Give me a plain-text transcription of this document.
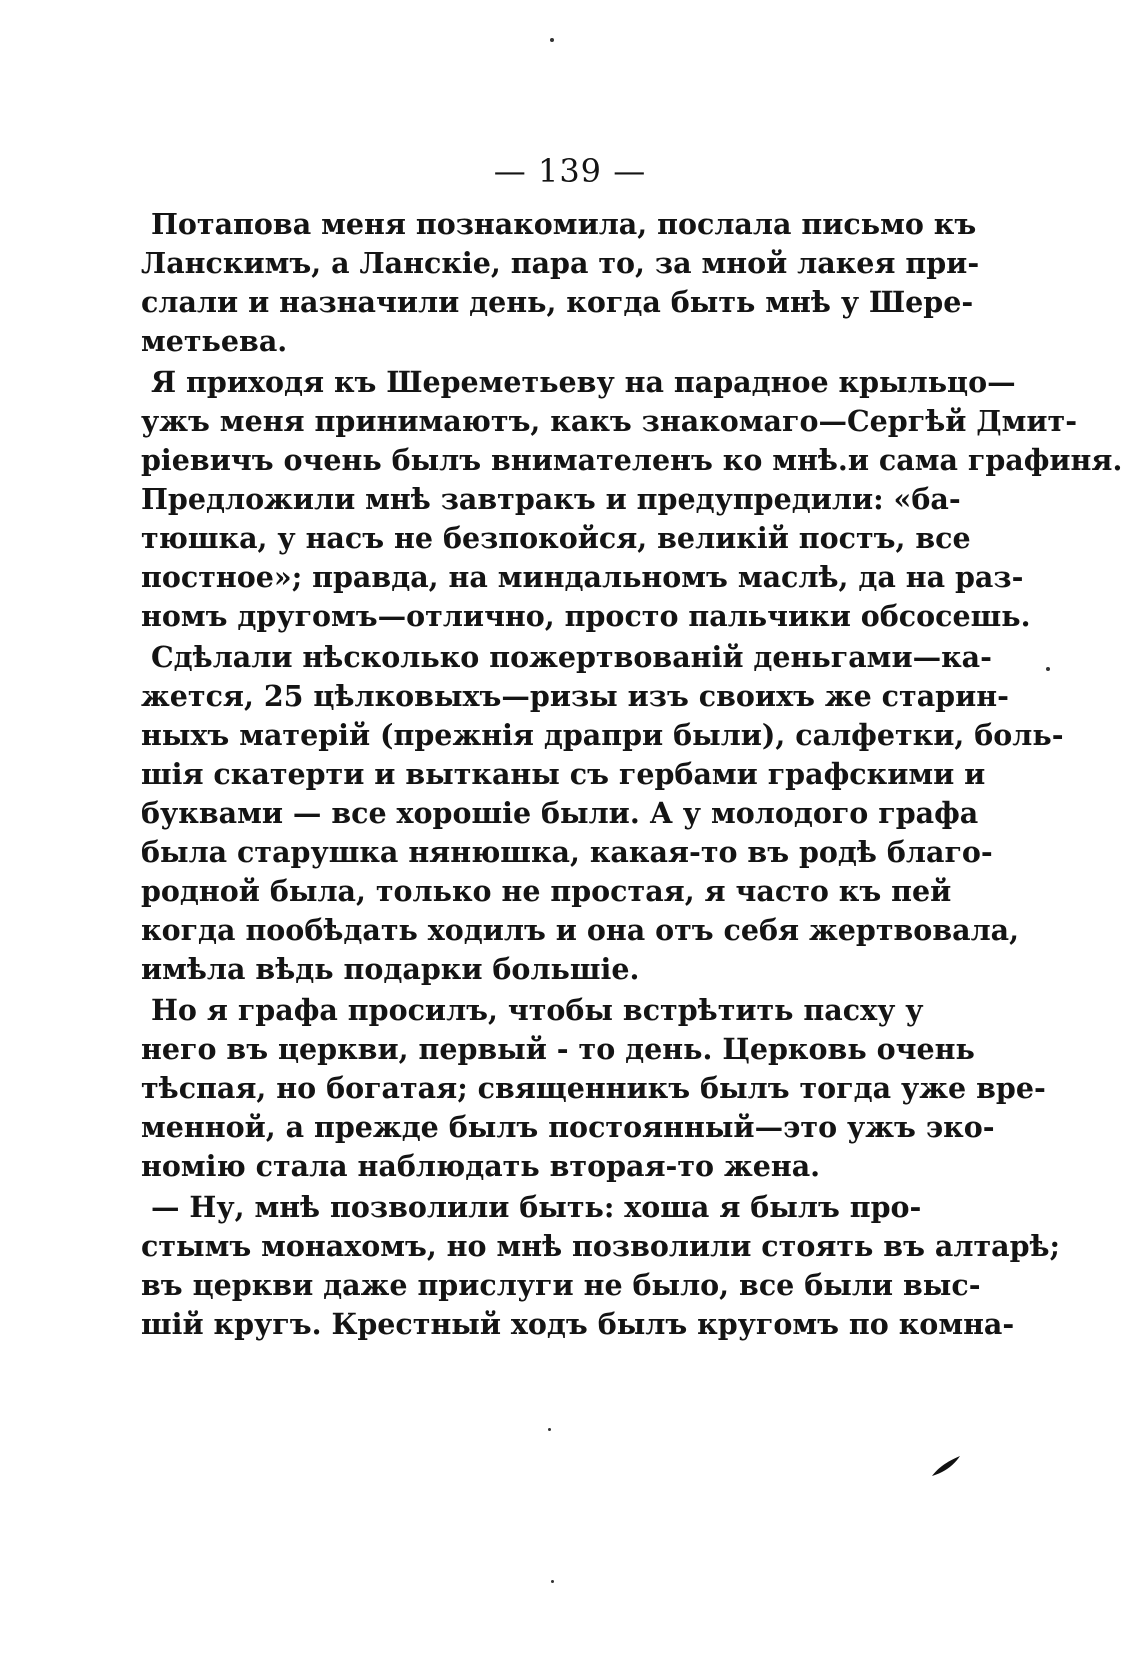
— 139 —
Потапова меня познакомила, послала письмо къ
Ланскимъ, а Ланскіе, пара то, за мной лакея при-
слали и назначили день, когда быть мнѣ у Шере-
метьева.
Я приходя къ Шереметьеву на парадное крыльцо—
ужъ меня принимаютъ, какъ знакомаго—Сергѣй Дмит-
ріевичъ очень былъ внимателенъ ко мнѣ.и сама графиня.
Предложили мнѣ завтракъ и предупредили: «ба-
тюшка, у насъ не безпокойся, великій постъ, все
постное»; правда, на миндальномъ маслѣ, да на раз-
номъ другомъ—отлично, просто пальчики обсосешь.
Сдѣлали нѣсколько пожертвованій деньгами—ка-
жется, 25 цѣлковыхъ—ризы изъ своихъ же старин-
ныхъ матерій (прежнія драпри были), салфетки, боль-
шія скатерти и вытканы съ гербами графскими и
буквами — все хорошіе были. А у молодого графа
была старушка нянюшка, какая-то въ родѣ благо-
родной была, только не простая, я часто къ пей
когда пообѣдать ходилъ и она отъ себя жертвовала,
имѣла вѣдь подарки большіе.
Но я графа просилъ, чтобы встрѣтить пасху у
него въ церкви, первый - то день. Церковь очень
тѣспая, но богатая; священникъ былъ тогда уже вре-
менной, а прежде былъ постоянный—это ужъ эко-
номію стала наблюдать вторая-то жена.
— Ну, мнѣ позволили быть: хоша я былъ про-
стымъ монахомъ, но мнѣ позволили стоять въ алтарѣ;
въ церкви даже прислуги не было, все были выс-
шій кругъ. Крестный ходъ былъ кругомъ по комна-
